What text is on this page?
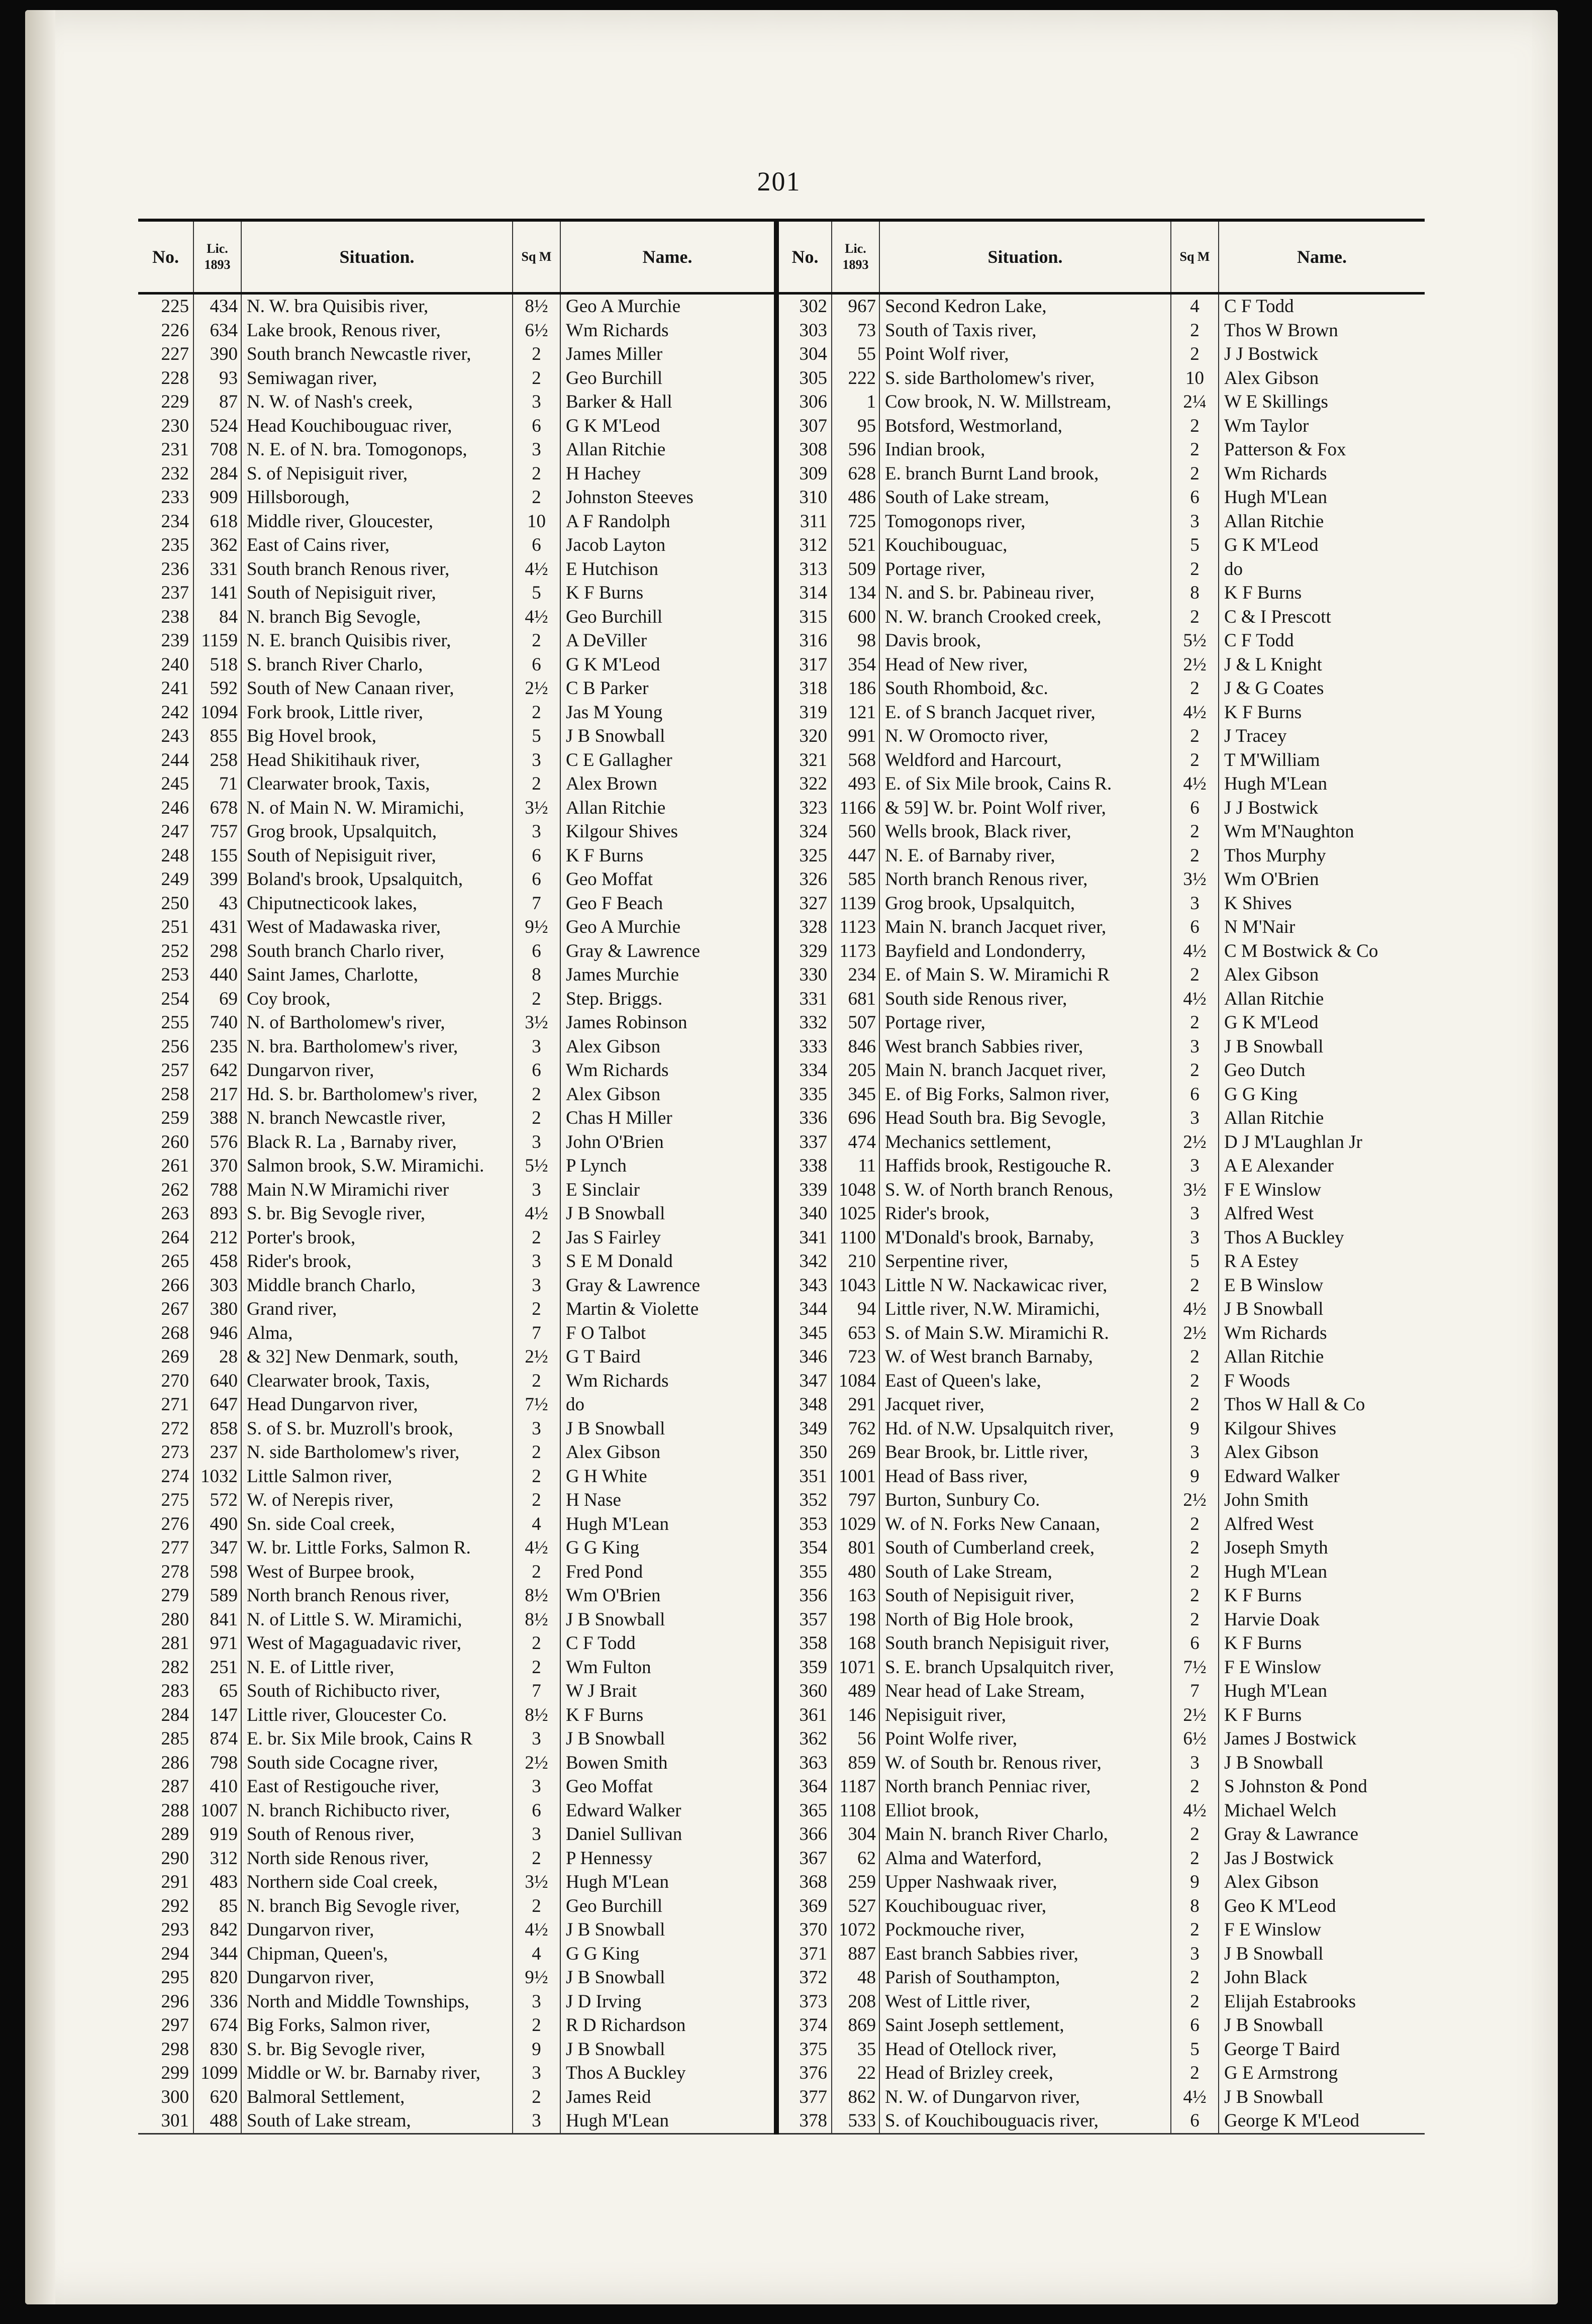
201
No.	Lic. 1893	Situation.	Sq M	Name.	No.	Lic. 1893	Situation.	Sq M	Name.
225	434	N. W. bra Quisibis river,	8½	Geo A Murchie	302	967	Second Kedron Lake,	4	C F Todd
226	634	Lake brook, Renous river,	6½	Wm Richards	303	73	South of Taxis river,	2	Thos W Brown
227	390	South branch Newcastle river,	2	James Miller	304	55	Point Wolf river,	2	J J Bostwick
228	93	Semiwagan river,	2	Geo Burchill	305	222	S. side Bartholomew's river,	10	Alex Gibson
229	87	N. W. of Nash's creek,	3	Barker & Hall	306	1	Cow brook, N. W. Millstream,	2¼	W E Skillings
230	524	Head Kouchibouguac river,	6	G K M'Leod	307	95	Botsford, Westmorland,	2	Wm Taylor
231	708	N. E. of N. bra. Tomogonops,	3	Allan Ritchie	308	596	Indian brook,	2	Patterson & Fox
232	284	S. of Nepisiguit river,	2	H Hachey	309	628	E. branch Burnt Land brook,	2	Wm Richards
233	909	Hillsborough,	2	Johnston Steeves	310	486	South of Lake stream,	6	Hugh M'Lean
234	618	Middle river, Gloucester,	10	A F Randolph	311	725	Tomogonops river,	3	Allan Ritchie
235	362	East of Cains river,	6	Jacob Layton	312	521	Kouchibouguac,	5	G K M'Leod
236	331	South branch Renous river,	4½	E Hutchison	313	509	Portage river,	2	do
237	141	South of Nepisiguit river,	5	K F Burns	314	134	N. and S. br. Pabineau river,	8	K F Burns
238	84	N. branch Big Sevogle,	4½	Geo Burchill	315	600	N. W. branch Crooked creek,	2	C & I Prescott
239	1159	N. E. branch Quisibis river,	2	A DeViller	316	98	Davis brook,	5½	C F Todd
240	518	S. branch River Charlo,	6	G K M'Leod	317	354	Head of New river,	2½	J & L Knight
241	592	South of New Canaan river,	2½	C B Parker	318	186	South Rhomboid, &c.	2	J & G Coates
242	1094	Fork brook, Little river,	2	Jas M Young	319	121	E. of S branch Jacquet river,	4½	K F Burns
243	855	Big Hovel brook,	5	J B Snowball	320	991	N. W Oromocto river,	2	J Tracey
244	258	Head Shikitihauk river,	3	C E Gallagher	321	568	Weldford and Harcourt,	2	T M'William
245	71	Clearwater brook, Taxis,	2	Alex Brown	322	493	E. of Six Mile brook, Cains R.	4½	Hugh M'Lean
246	678	N. of Main N. W. Miramichi,	3½	Allan Ritchie	323	1166	& 59] W. br. Point Wolf river,	6	J J Bostwick
247	757	Grog brook, Upsalquitch,	3	Kilgour Shives	324	560	Wells brook, Black river,	2	Wm M'Naughton
248	155	South of Nepisiguit river,	6	K F Burns	325	447	N. E. of Barnaby river,	2	Thos Murphy
249	399	Boland's brook, Upsalquitch,	6	Geo Moffat	326	585	North branch Renous river,	3½	Wm O'Brien
250	43	Chiputnecticook lakes,	7	Geo F Beach	327	1139	Grog brook, Upsalquitch,	3	K Shives
251	431	West of Madawaska river,	9½	Geo A Murchie	328	1123	Main N. branch Jacquet river,	6	N M'Nair
252	298	South branch Charlo river,	6	Gray & Lawrence	329	1173	Bayfield and Londonderry,	4½	C M Bostwick & Co
253	440	Saint James, Charlotte,	8	James Murchie	330	234	E. of Main S. W. Miramichi R	2	Alex Gibson
254	69	Coy brook,	2	Step. Briggs.	331	681	South side Renous river,	4½	Allan Ritchie
255	740	N. of Bartholomew's river,	3½	James Robinson	332	507	Portage river,	2	G K M'Leod
256	235	N. bra. Bartholomew's river,	3	Alex Gibson	333	846	West branch Sabbies river,	3	J B Snowball
257	642	Dungarvon river,	6	Wm Richards	334	205	Main N. branch Jacquet river,	2	Geo Dutch
258	217	Hd. S. br. Bartholomew's river,	2	Alex Gibson	335	345	E. of Big Forks, Salmon river,	6	G G King
259	388	N. branch Newcastle river,	2	Chas H Miller	336	696	Head South bra. Big Sevogle,	3	Allan Ritchie
260	576	Black R. La , Barnaby river,	3	John O'Brien	337	474	Mechanics settlement,	2½	D J M'Laughlan Jr
261	370	Salmon brook, S.W. Miramichi.	5½	P Lynch	338	11	Haffids brook, Restigouche R.	3	A E Alexander
262	788	Main N.W Miramichi river	3	E Sinclair	339	1048	S. W. of North branch Renous,	3½	F E Winslow
263	893	S. br. Big Sevogle river,	4½	J B Snowball	340	1025	Rider's brook,	3	Alfred West
264	212	Porter's brook,	2	Jas S Fairley	341	1100	M'Donald's brook, Barnaby,	3	Thos A Buckley
265	458	Rider's brook,	3	S E M Donald	342	210	Serpentine river,	5	R A Estey
266	303	Middle branch Charlo,	3	Gray & Lawrence	343	1043	Little N W. Nackawicac river,	2	E B Winslow
267	380	Grand river,	2	Martin & Violette	344	94	Little river, N.W. Miramichi,	4½	J B Snowball
268	946	Alma,	7	F O Talbot	345	653	S. of Main S.W. Miramichi R.	2½	Wm Richards
269	28	& 32] New Denmark, south,	2½	G T Baird	346	723	W. of West branch Barnaby,	2	Allan Ritchie
270	640	Clearwater brook, Taxis,	2	Wm Richards	347	1084	East of Queen's lake,	2	F Woods
271	647	Head Dungarvon river,	7½	do	348	291	Jacquet river,	2	Thos W Hall & Co
272	858	S. of S. br. Muzroll's brook,	3	J B Snowball	349	762	Hd. of N.W. Upsalquitch river,	9	Kilgour Shives
273	237	N. side Bartholomew's river,	2	Alex Gibson	350	269	Bear Brook, br. Little river,	3	Alex Gibson
274	1032	Little Salmon river,	2	G H White	351	1001	Head of Bass river,	9	Edward Walker
275	572	W. of Nerepis river,	2	H Nase	352	797	Burton, Sunbury Co.	2½	John Smith
276	490	Sn. side Coal creek,	4	Hugh M'Lean	353	1029	W. of N. Forks New Canaan,	2	Alfred West
277	347	W. br. Little Forks, Salmon R.	4½	G G King	354	801	South of Cumberland creek,	2	Joseph Smyth
278	598	West of Burpee brook,	2	Fred Pond	355	480	South of Lake Stream,	2	Hugh M'Lean
279	589	North branch Renous river,	8½	Wm O'Brien	356	163	South of Nepisiguit river,	2	K F Burns
280	841	N. of Little S. W. Miramichi,	8½	J B Snowball	357	198	North of Big Hole brook,	2	Harvie Doak
281	971	West of Magaguadavic river,	2	C F Todd	358	168	South branch Nepisiguit river,	6	K F Burns
282	251	N. E. of Little river,	2	Wm Fulton	359	1071	S. E. branch Upsalquitch river,	7½	F E Winslow
283	65	South of Richibucto river,	7	W J Brait	360	489	Near head of Lake Stream,	7	Hugh M'Lean
284	147	Little river, Gloucester Co.	8½	K F Burns	361	146	Nepisiguit river,	2½	K F Burns
285	874	E. br. Six Mile brook, Cains R	3	J B Snowball	362	56	Point Wolfe river,	6½	James J Bostwick
286	798	South side Cocagne river,	2½	Bowen Smith	363	859	W. of South br. Renous river,	3	J B Snowball
287	410	East of Restigouche river,	3	Geo Moffat	364	1187	North branch Penniac river,	2	S Johnston & Pond
288	1007	N. branch Richibucto river,	6	Edward Walker	365	1108	Elliot brook,	4½	Michael Welch
289	919	South of Renous river,	3	Daniel Sullivan	366	304	Main N. branch River Charlo,	2	Gray & Lawrance
290	312	North side Renous river,	2	P Hennessy	367	62	Alma and Waterford,	2	Jas J Bostwick
291	483	Northern side Coal creek,	3½	Hugh M'Lean	368	259	Upper Nashwaak river,	9	Alex Gibson
292	85	N. branch Big Sevogle river,	2	Geo Burchill	369	527	Kouchibouguac river,	8	Geo K M'Leod
293	842	Dungarvon river,	4½	J B Snowball	370	1072	Pockmouche river,	2	F E Winslow
294	344	Chipman, Queen's,	4	G G King	371	887	East branch Sabbies river,	3	J B Snowball
295	820	Dungarvon river,	9½	J B Snowball	372	48	Parish of Southampton,	2	John Black
296	336	North and Middle Townships,	3	J D Irving	373	208	West of Little river,	2	Elijah Estabrooks
297	674	Big Forks, Salmon river,	2	R D Richardson	374	869	Saint Joseph settlement,	6	J B Snowball
298	830	S. br. Big Sevogle river,	9	J B Snowball	375	35	Head of Otellock river,	5	George T Baird
299	1099	Middle or W. br. Barnaby river,	3	Thos A Buckley	376	22	Head of Brizley creek,	2	G E Armstrong
300	620	Balmoral Settlement,	2	James Reid	377	862	N. W. of Dungarvon river,	4½	J B Snowball
301	488	South of Lake stream,	3	Hugh M'Lean	378	533	S. of Kouchibouguacis river,	6	George K M'Leod
